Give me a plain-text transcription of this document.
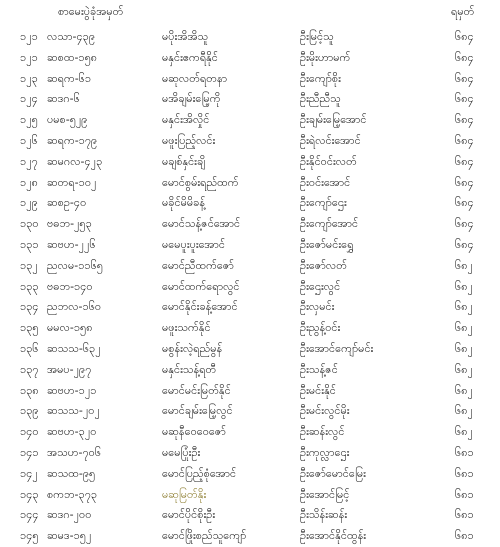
စာမေးပွဲခုံအမှတ်	ရမှတ်
၁၂၁ လသာ-၄၃၉	မပိုးအိအိသူ	ဦးမြင့်သူ	၆၈၄
၁၂၁ ဆစထ-၁၅၈	မနှင်းဧကရီနိုင်	ဦးမိုးဟာမက်	၆၈၄
၁၂၃ ဆရက-၆၁	မဆုလတ်ရတနာ	ဦးကျော်စိုး	၆၈၄
၁၂၄ ဆဒဂ-၆	မအိချမ်းမြေ့ကို	ဦးညီညီသူ	၆၈၄
၁၂၅ ပမစ-၅၂၉	မနှင်းအိလှိုင်	ဦးချမ်းမြေ့အောင်	၆၈၄
၁၂၆ ဆရက-၁၇၉	မဖူးပြည့်လင်း	ဦးရဲလင်းအောင်	၆၈၄
၁၂၇ ဆမဂလ-၄၂၃	မချစ်နှင်းချိ	ဦးနိုင်ဝင်းလတ်	၆၈၄
၁၂၈ ဆတရ-၁၀၂	မောင်စွမ်းရည်ထက်	ဦးဝင်းအောင်	၆၈၄
၁၂၉ ဆစဥ-၄၀	မခိုင်မိမိခန့်	ဦးကျော်ဌေး	၆၈၄
၁၃၀ ဗဓဘ-၂၅၃	မောင်သန့်ဇင်အောင်	ဦးကျော်အောင်	၆၈၄
၁၃၁ ဆဗဟ-၂၂၆	မမေပူးပူးအောင်	ဦးဇော်မင်းရွှေ	၆၈၄
၁၃၂ ညလမ-၁၁၆၅	မောင်ညီထက်ဇော်	ဦးဇော်လတ်	၆၈၂
၁၃၃ ဗဓဘ-၁၄၀	မောင်ထက်ရောလွင်	ဦးဌေးလွင်	၆၈၂
၁၃၄ ညဘလ-၁၆၀	မောင်နိုင်းခန့်အောင်	ဦးလှမင်း	၆၈၂
၁၃၅ မမလ-၁၅၈	မဖူးသက်နိုင်	ဦးညွန့်ဝင်း	၆၈၂
၁၃၆ ဆသသ-၆၃၂	မစွန်းလဲ့ရည်မွန်	ဦးအောင်ကျော်မင်း	၆၈၂
၁၃၇ အမပ-၂၉၇	မနှင်းသန့်ရတီ	ဦးသန့်ဇင်	၆၈၂
၁၃၈ ဆဗဟ-၁၂၁	မောင်မင်းမြတ်နိုင်	ဦးမင်းနိုင်	၆၈၂
၁၃၉ ဆသသ-၂၀၂	မောင်ချမ်းမြေ့လွင်	ဦးမင်းလွင်မိုး	၆၈၂
၁၄၀ ဆဗဟ-၃၂၀	မဆုနီဝေဝေဇော်	ဦးဆန်းလွင်	၆၈၂
၁၄၁ အသဟ-၇၀၆	မမေပြုံးဦး	ဦးကုလ္လာဌေး	၆၈၁
၁၄၂ ဆသထ-၉၅	မောင်ပြည့်စုံအောင်	ဦးဇော်မောင်မြေး	၆၈၁
၁၄၃ စကဘ-၃၇၃	မဆုမြတ်နိုး	ဦးအောင်မြင့်	၆၈၁
၁၄၄ ဆဒဂ-၂၀၀	မောင်ပိုင်စိုးဦး	ဦးသိန်းဆန်း	၆၈၁
၁၄၅ ဆမဒ-၁၅၂	မောင်ဖြိုးစည်သူကျော်	ဦးအောင်နိုင်ထွန်း	၆၈၁
